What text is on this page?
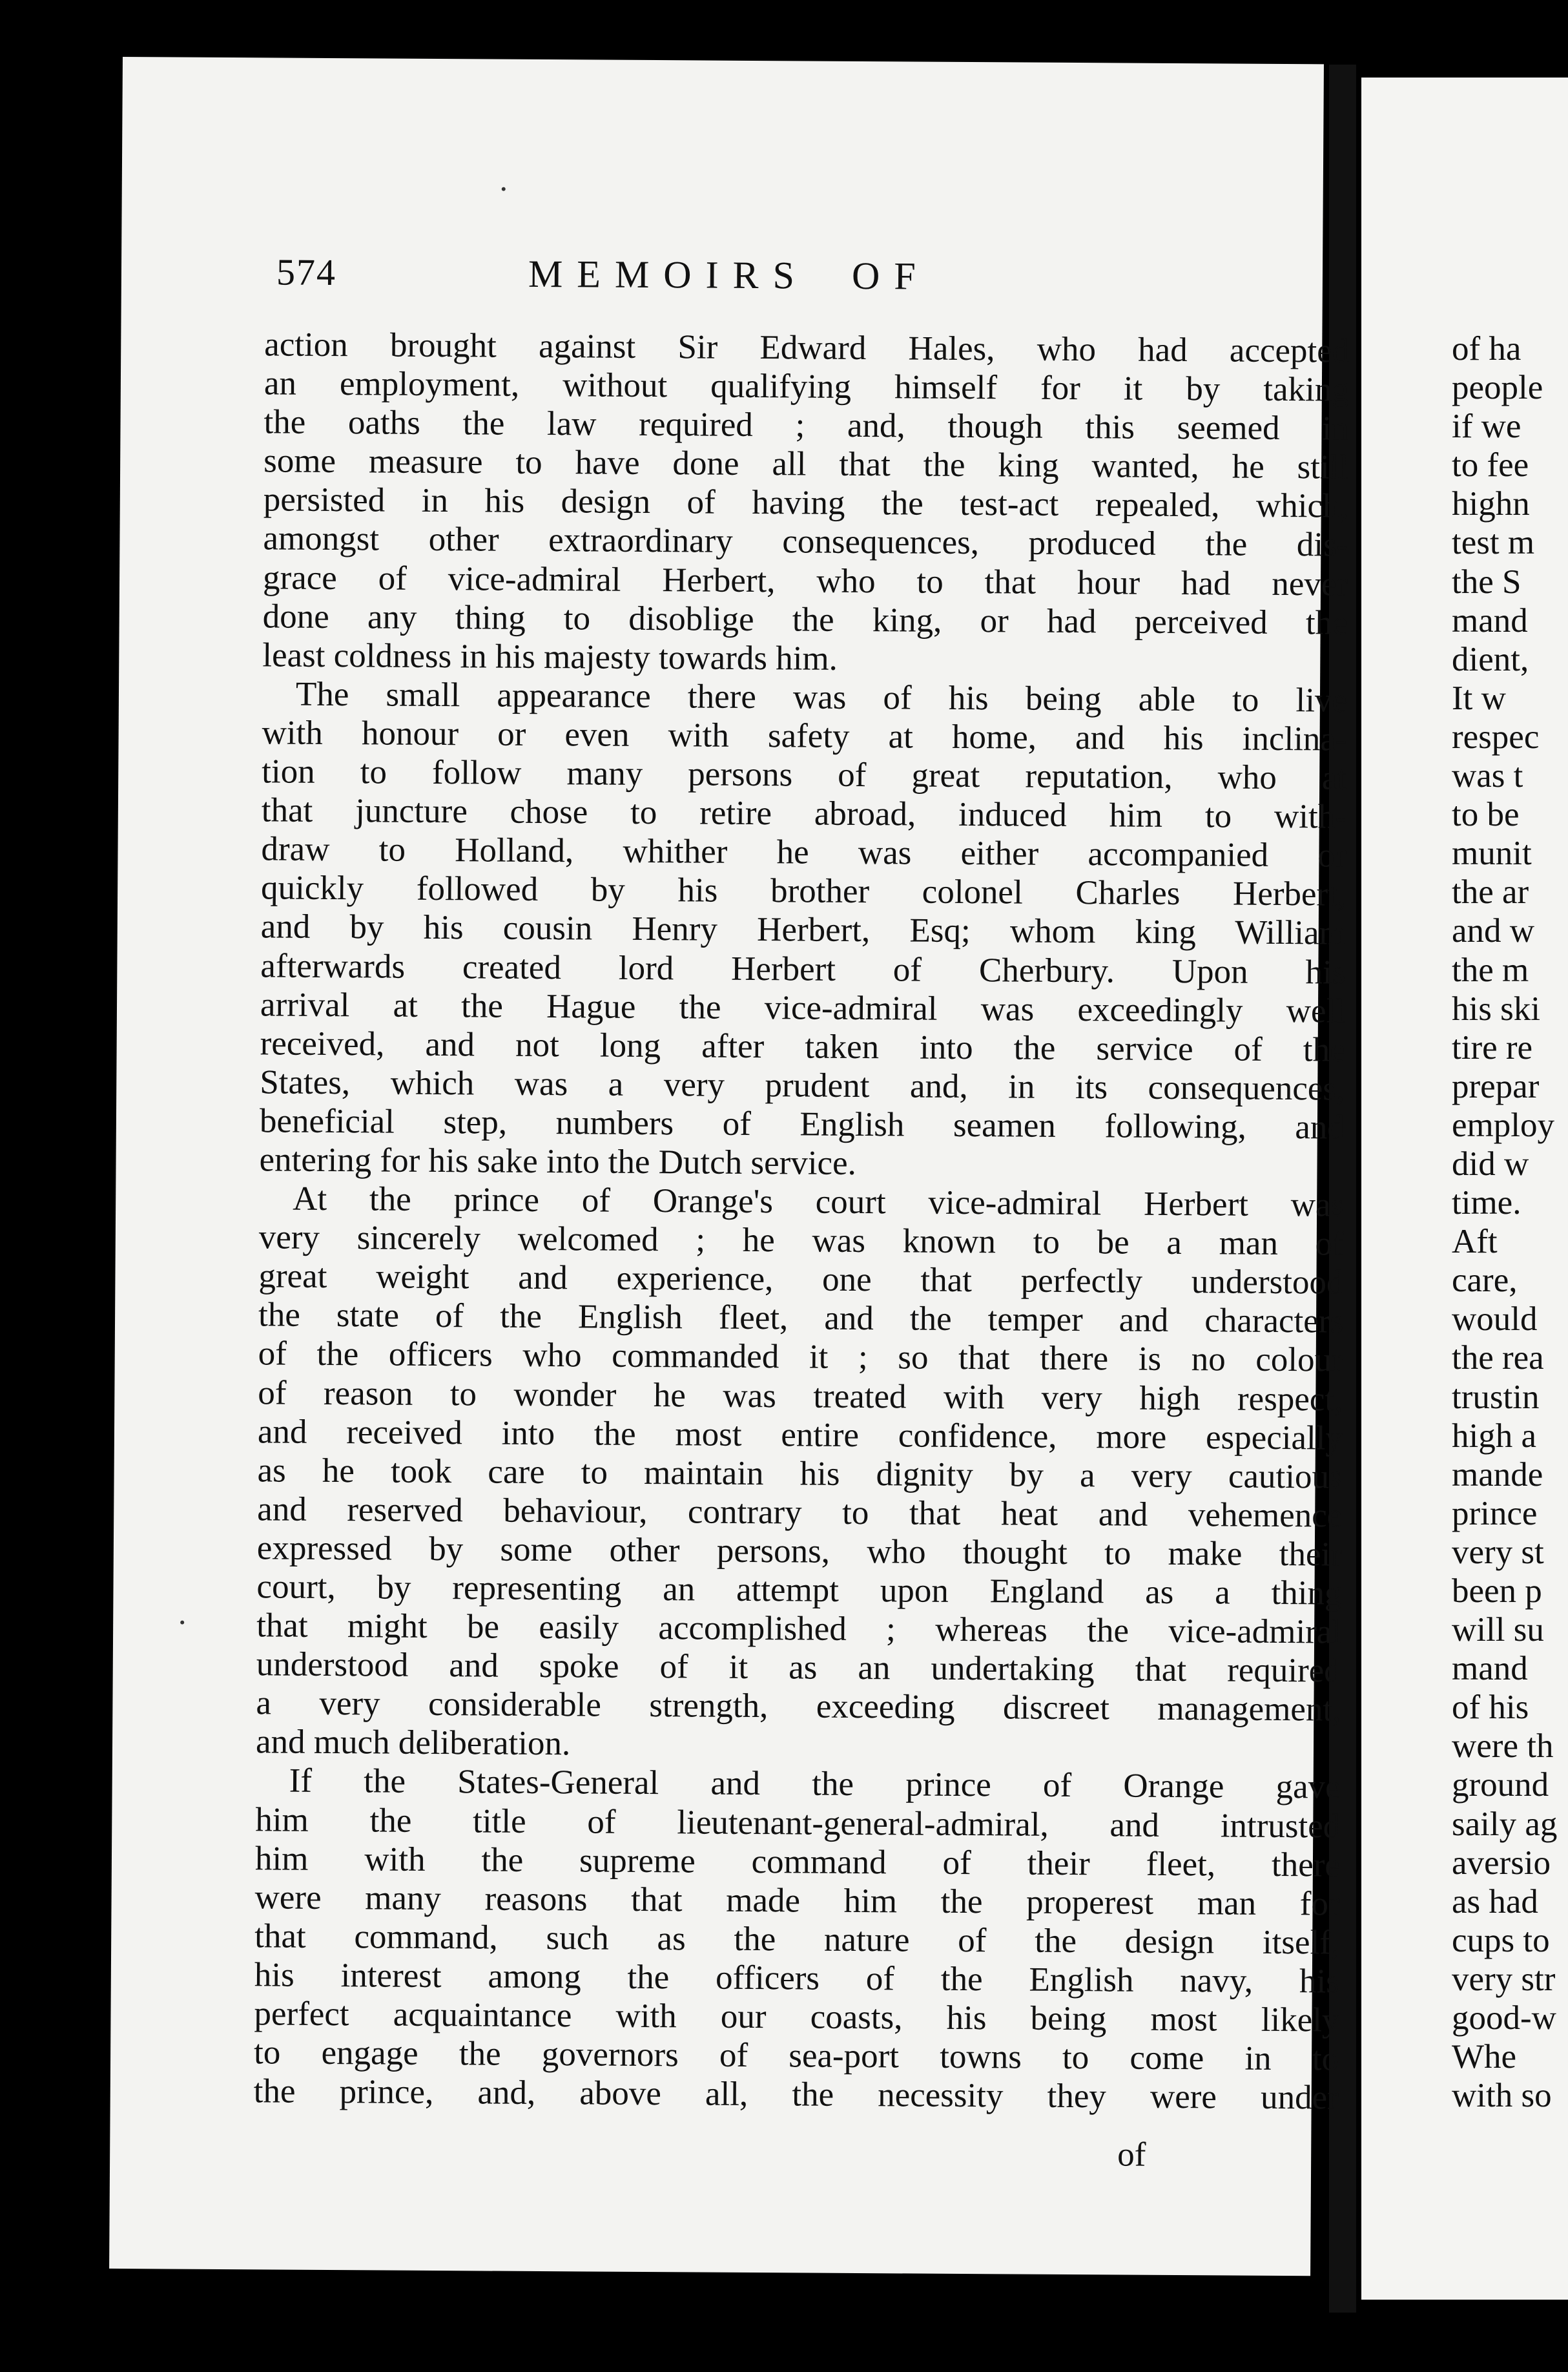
574	MEMOIRS OF
action brought against Sir Edward Hales, who had accepted
an employment, without qualifying himself for it by taking
the oaths the law required ; and, though this seemed in
some measure to have done all that the king wanted, he still
persisted in his design of having the test-act repealed, which,
amongst other extraordinary consequences, produced the dis-
grace of vice-admiral Herbert, who to that hour had never
done any thing to disoblige the king, or had perceived the
least coldness in his majesty towards him.
The small appearance there was of his being able to live
with honour or even with safety at home, and his inclina-
tion to follow many persons of great reputation, who at
that juncture chose to retire abroad, induced him to with-
draw to Holland, whither he was either accompanied or
quickly followed by his brother colonel Charles Herbert,
and by his cousin Henry Herbert, Esq; whom king William
afterwards created lord Herbert of Cherbury. Upon his
arrival at the Hague the vice-admiral was exceedingly well
received, and not long after taken into the service of the
States, which was a very prudent and, in its consequences,
beneficial step, numbers of English seamen following, and
entering for his sake into the Dutch service.
At the prince of Orange's court vice-admiral Herbert was
very sincerely welcomed ; he was known to be a man of
great weight and experience, one that perfectly understood
the state of the English fleet, and the temper and characters
of the officers who commanded it ; so that there is no colour
of reason to wonder he was treated with very high respect,
and received into the most entire confidence, more especially
as he took care to maintain his dignity by a very cautious
and reserved behaviour, contrary to that heat and vehemence
expressed by some other persons, who thought to make their
court, by representing an attempt upon England as a thing
that might be easily accomplished ; whereas the vice-admiral
understood and spoke of it as an undertaking that required
a very considerable strength, exceeding discreet management,
and much deliberation.
If the States-General and the prince of Orange gave
him the title of lieutenant-general-admiral, and intrusted
him with the supreme command of their fleet, there
were many reasons that made him the properest man for
that command, such as the nature of the design itself,
his interest among the officers of the English navy, his
perfect acquaintance with our coasts, his being most likely
to engage the governors of sea-port towns to come in to
the prince, and, above all, the necessity they were under
of
of ha
people
if we
to fee
highn
test m
the S
mand
dient,
It w
respec
was t
to be
munit
the ar
and w
the m
his ski
tire re
prepar
employ
did w
time.
Aft
care,
would
the rea
trustin
high a
mande
prince
very st
been p
will su
mand
of his
were th
ground
saily ag
aversio
as had
cups to
very str
good-w
Whe
with so
